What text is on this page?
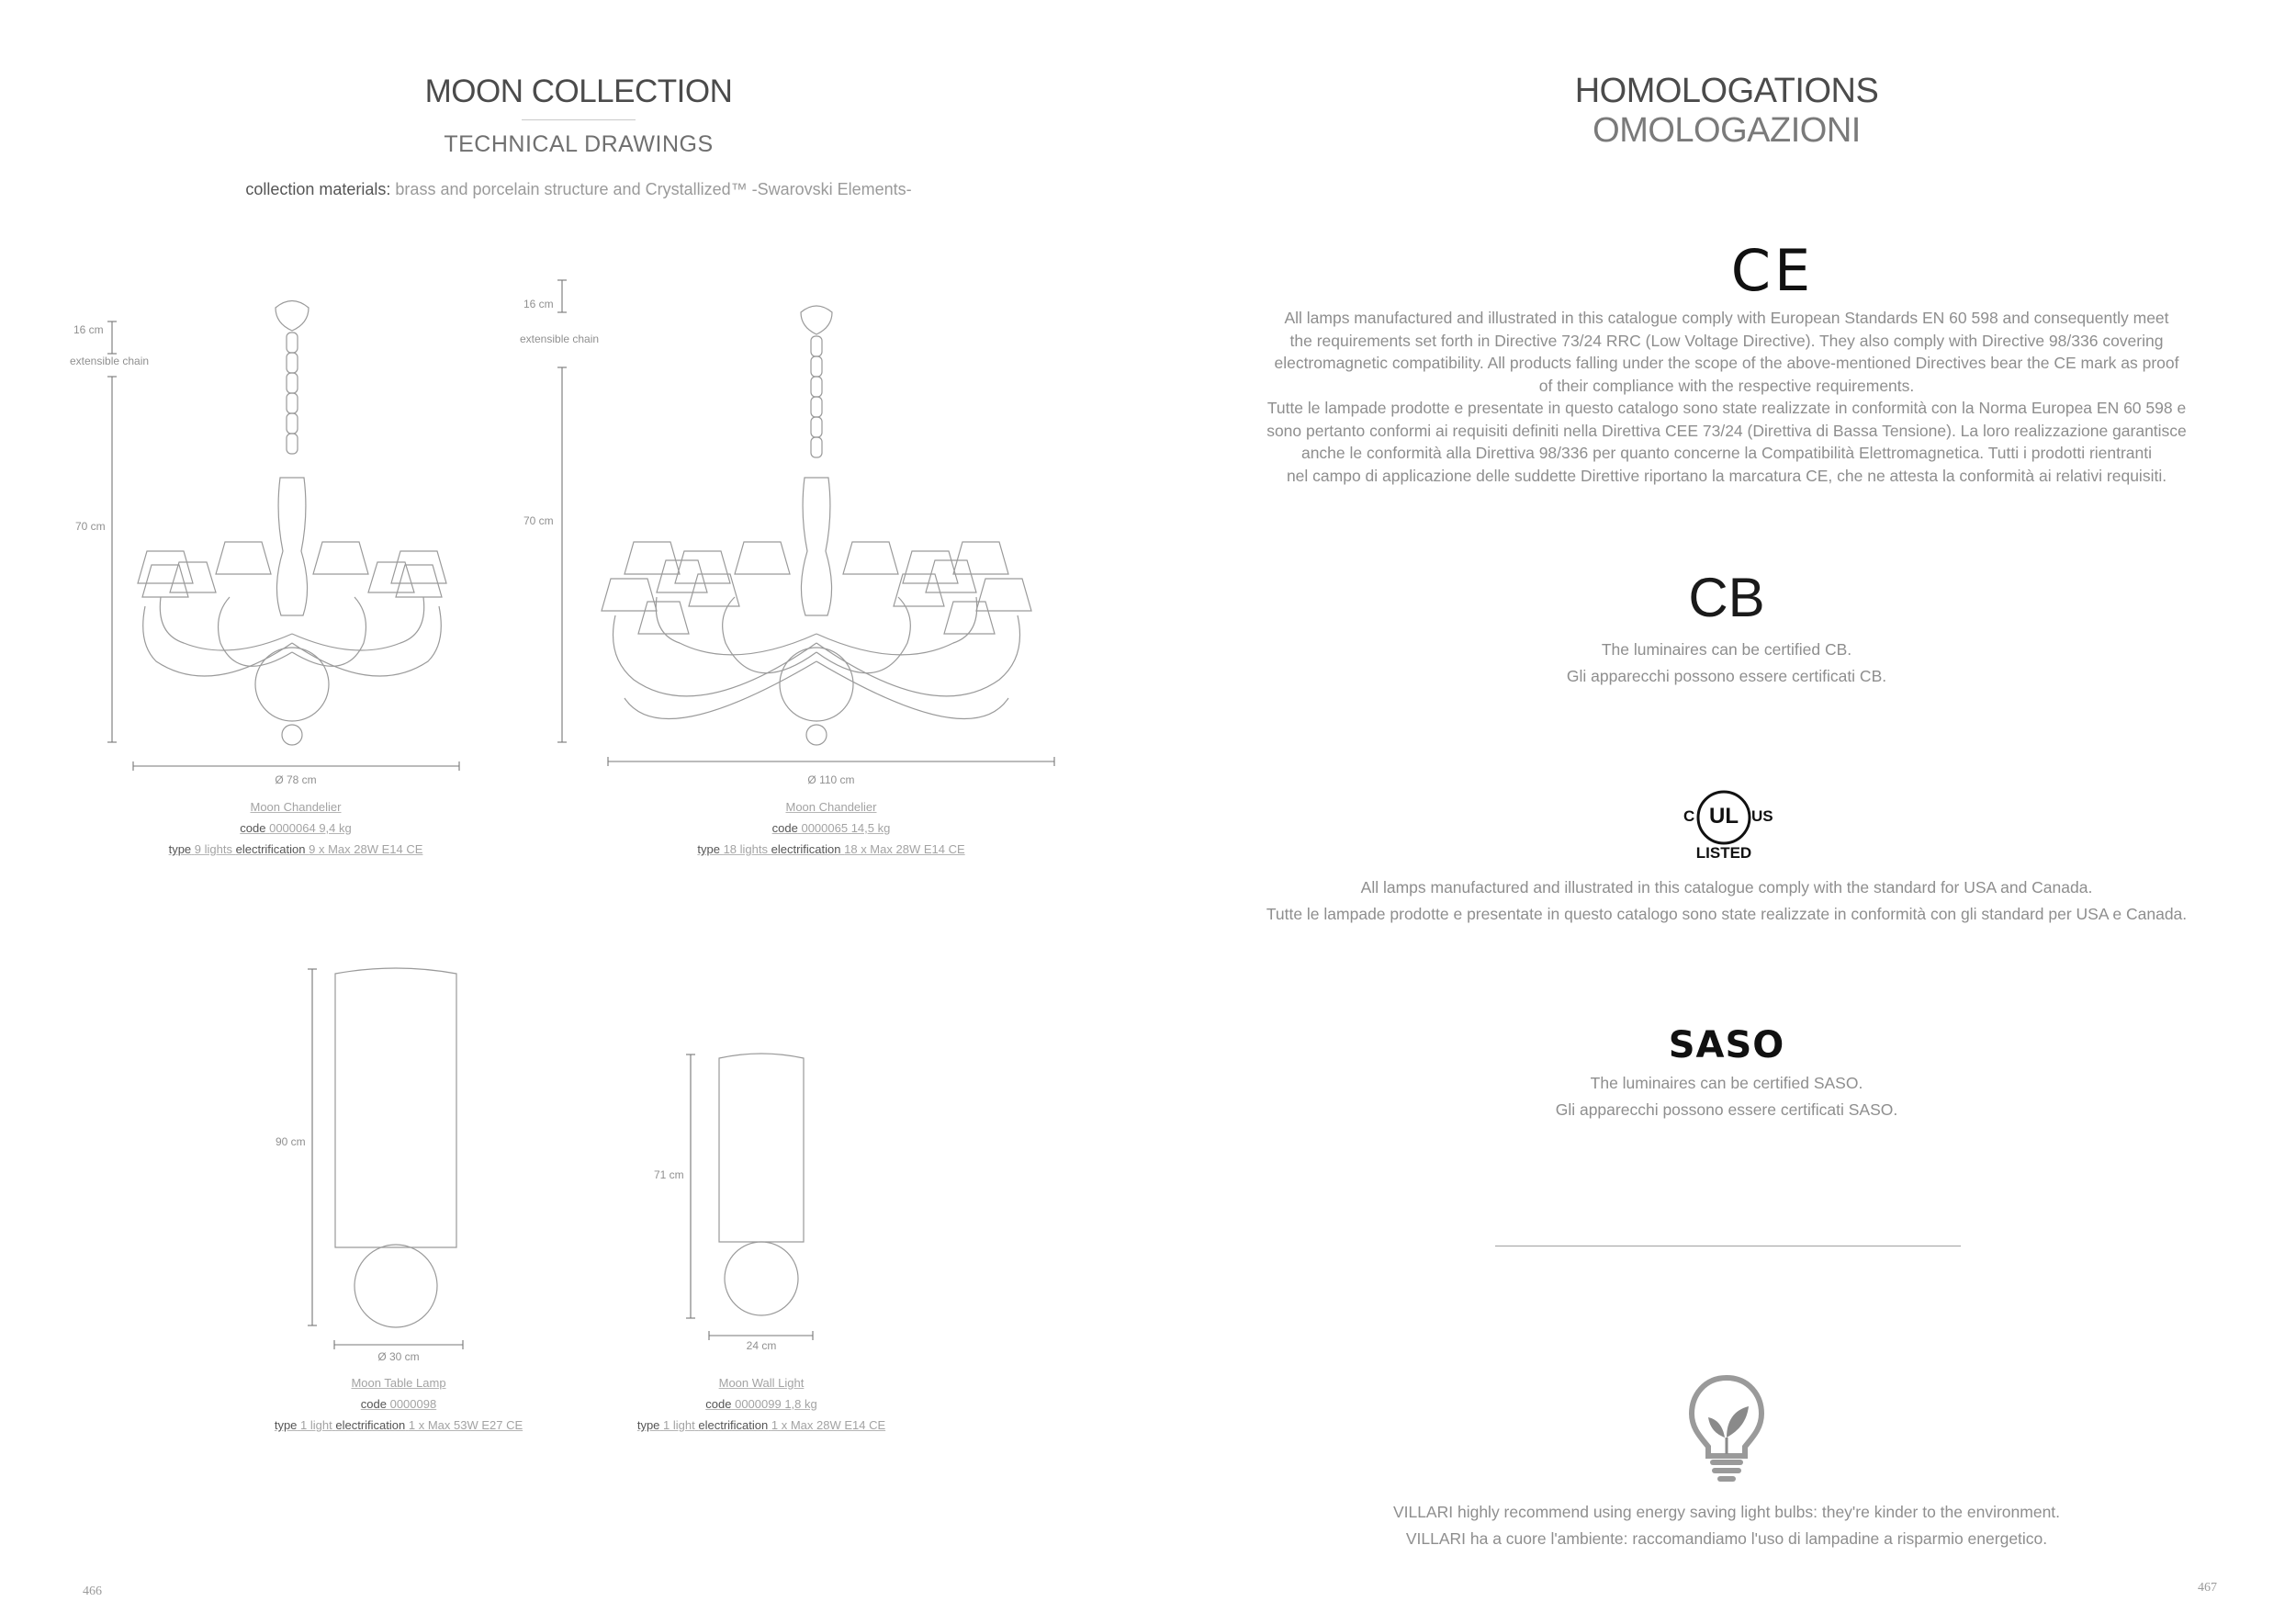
MOON COLLECTION
TECHNICAL DRAWINGS
collection materials: brass and porcelain structure and Crystallized™ -Swarovski Elements-
16 cm
extensible chain
70 cm
Ø 78 cm
Moon Chandelier
code 0000064 9,4 kg
type 9 lights electrification 9 x Max 28W E14 CE
16 cm
extensible chain
70 cm
Ø 110 cm
Moon Chandelier
code 0000065 14,5 kg
type 18 lights electrification 18 x Max 28W E14 CE
90 cm
Ø 30 cm
Moon Table Lamp
code 0000098
type 1 light electrification 1 x Max 53W E27 CE
71 cm
24 cm
Moon Wall Light
code 0000099 1,8 kg
type 1 light electrification 1 x Max 28W E14 CE
466
HOMOLOGATIONS
OMOLOGAZIONI
CE
All lamps manufactured and illustrated in this catalogue comply with European Standards EN 60 598 and consequently meet
the requirements set forth in Directive 73/24 RRC (Low Voltage Directive). They also comply with Directive 98/336 covering
electromagnetic compatibility. All products falling under the scope of the above-mentioned Directives bear the CE mark as proof
of their compliance with the respective requirements.
Tutte le lampade prodotte e presentate in questo catalogo sono state realizzate in conformità con la Norma Europea EN 60 598 e
sono pertanto conformi ai requisiti definiti nella Direttiva CEE 73/24 (Direttiva di Bassa Tensione). La loro realizzazione garantisce
anche le conformità alla Direttiva 98/336 per quanto concerne la Compatibilità Elettromagnetica. Tutti i prodotti rientranti
nel campo di applicazione delle suddette Direttive riportano la marcatura CE, che ne attesta la conformità ai relativi requisiti.
CB
The luminaires can be certified CB.
Gli apparecchi possono essere certificati CB.
C UL US
LISTED
All lamps manufactured and illustrated in this catalogue comply with the standard for USA and Canada.
Tutte le lampade prodotte e presentate in questo catalogo sono state realizzate in conformità con gli standard per USA e Canada.
SASO
The luminaires can be certified SASO.
Gli apparecchi possono essere certificati SASO.
VILLARI highly recommend using energy saving light bulbs: they're kinder to the environment.
VILLARI ha a cuore l'ambiente: raccomandiamo l'uso di lampadine a risparmio energetico.
467
